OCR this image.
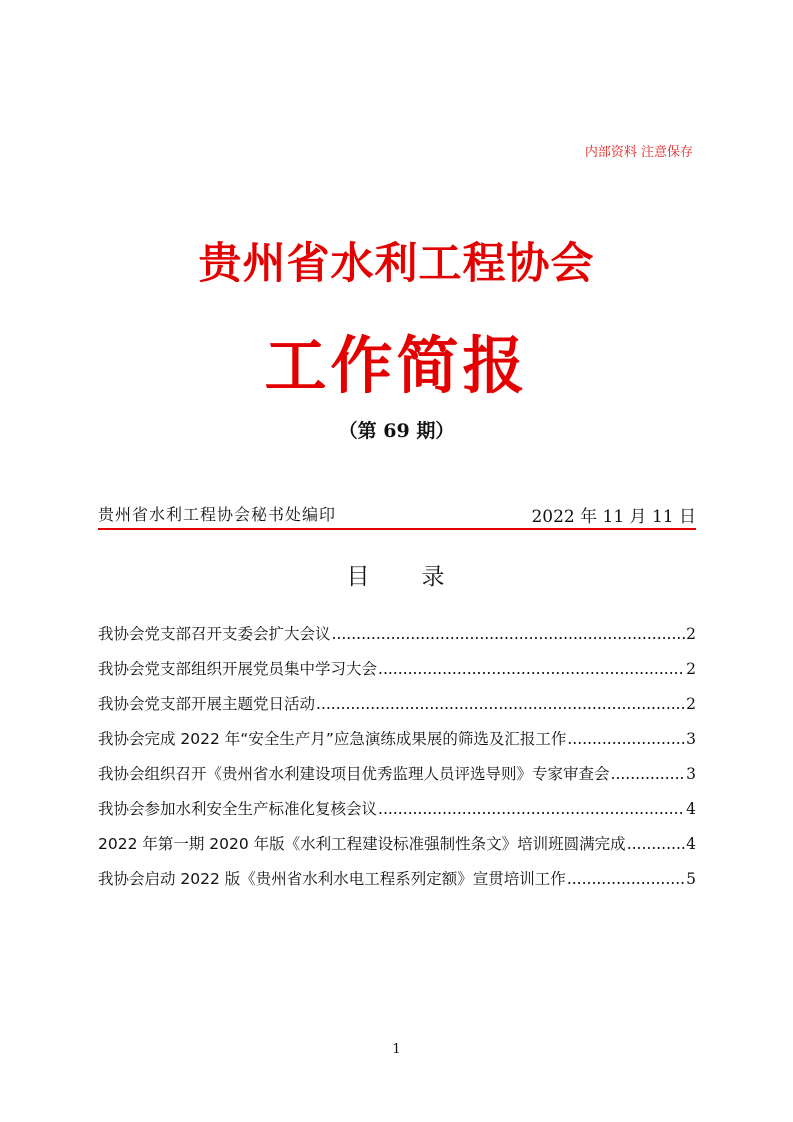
内部资料 注意保存
贵州省水利工程协会
工作简报
（第 69 期）
贵州省水利工程协会秘书处编印	2022 年 11 月 11 日
目　　录
我协会党支部召开支委会扩大会议 .....	2
我协会党支部组织开展党员集中学习大会 .....	2
我协会党支部开展主题党日活动 .....	2
我协会完成 2022 年“安全生产月”应急演练成果展的筛选及汇报工作 .....	3
我协会组织召开《贵州省水利建设项目优秀监理人员评选导则》专家审查会 .....	3
我协会参加水利安全生产标准化复核会议 .....	4
2022 年第一期 2020 年版《水利工程建设标准强制性条文》培训班圆满完成 .....	4
我协会启动 2022 版《贵州省水利水电工程系列定额》宣贯培训工作 .....	5
1
